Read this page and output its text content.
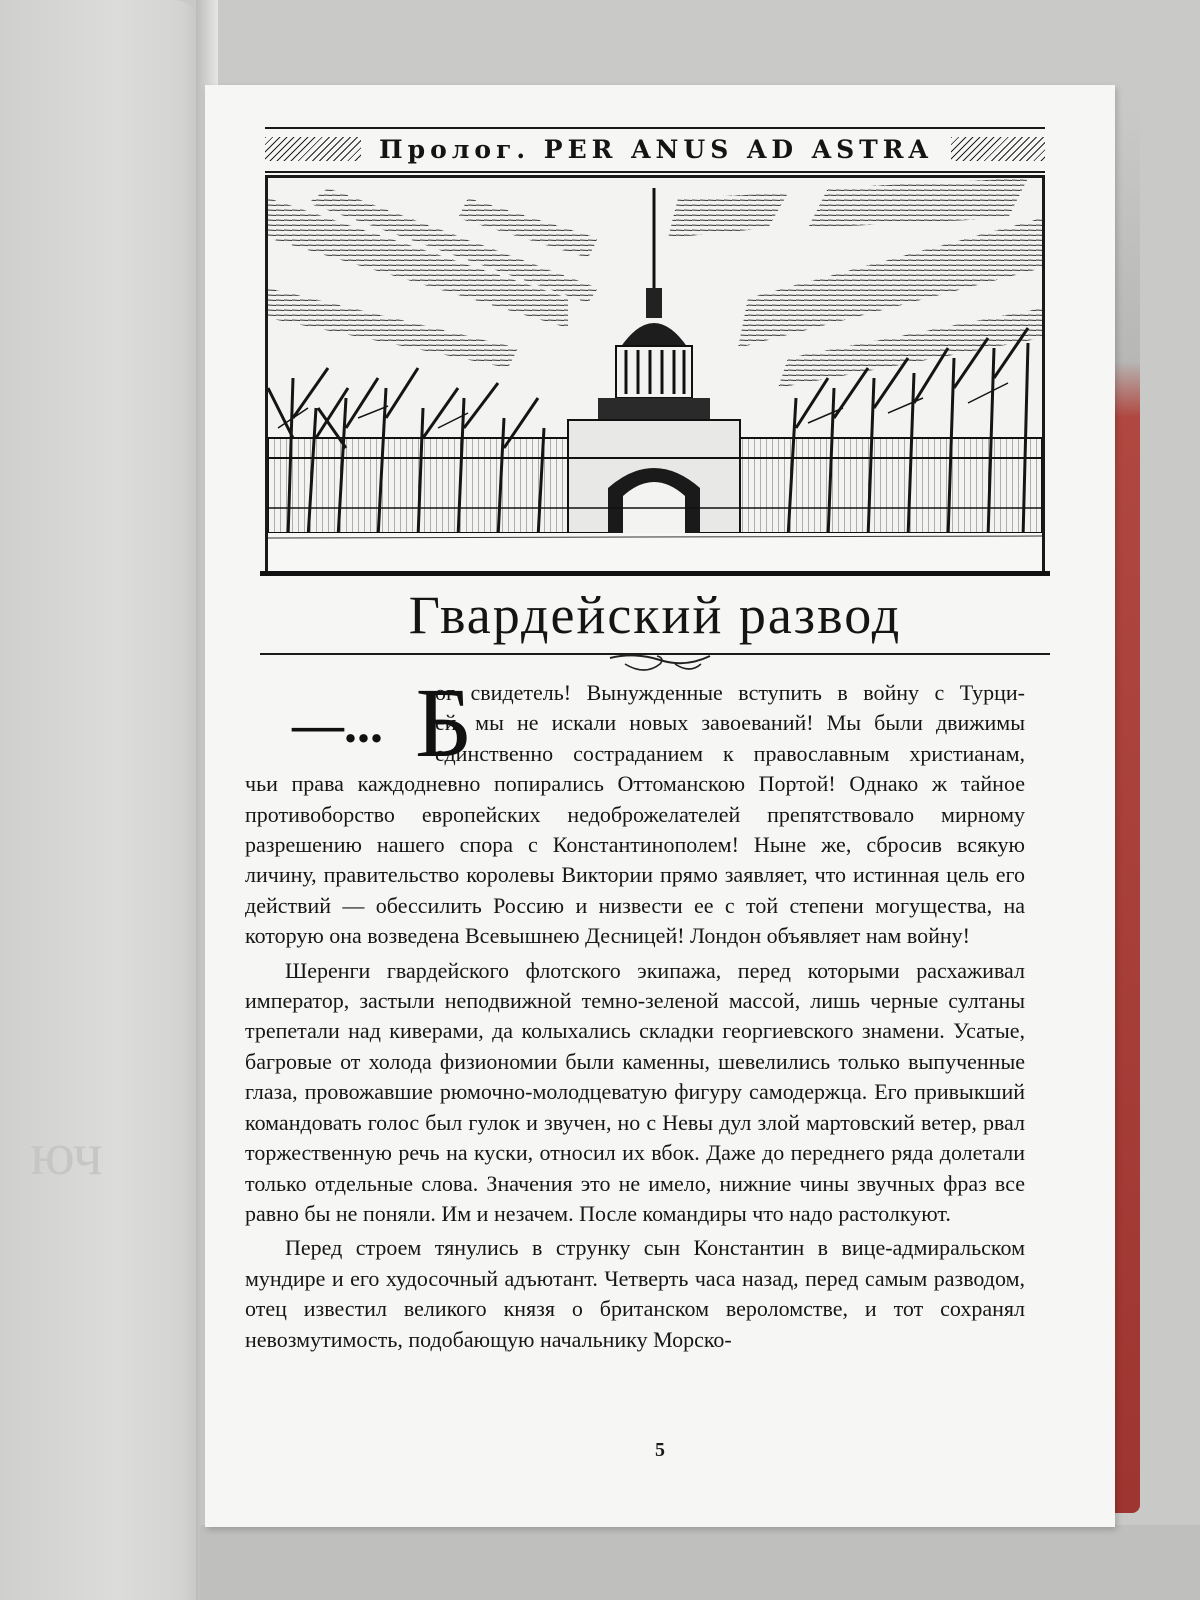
юч
Пролог. PER ANUS AD ASTRA
Гвардейский развод
—... Б
ог свидетель! Вынужденные вступить в войну с Турци-
ей, мы не искали новых завоеваний! Мы были движимы
единственно состраданием к православным христианам,

чьи права каждодневно попирались Оттоманскою Портой! Однако ж тайное противоборство европейских недоброжелателей препятствовало мирному разрешению нашего спора с Константинополем! Ныне же, сбросив всякую личину, правительство королевы Виктории прямо заявляет, что истинная цель его действий — обессилить Россию и низвести ее с той степени могущества, на которую она возведена Всевышнею Десницей! Лондон объявляет нам войну!

Шеренги гвардейского флотского экипажа, перед которыми расхаживал император, застыли неподвижной темно-зеленой массой, лишь черные султаны трепетали над киверами, да колыхались складки георгиевского знамени. Усатые, багровые от холода физиономии были каменны, шевелились только выпученные глаза, провожавшие рюмочно-молодцеватую фигуру самодержца. Его привыкший командовать голос был гулок и звучен, но с Невы дул злой мартовский ветер, рвал торжественную речь на куски, относил их вбок. Даже до переднего ряда долетали только отдельные слова. Значения это не имело, нижние чины звучных фраз все равно бы не поняли. Им и незачем. После командиры что надо растолкуют.

Перед строем тянулись в струнку сын Константин в вице-адмиральском мундире и его худосочный адъютант. Четверть часа назад, перед самым разводом, отец известил великого князя о британском вероломстве, и тот сохранял невозмутимость, подобающую начальнику Морско-

5
